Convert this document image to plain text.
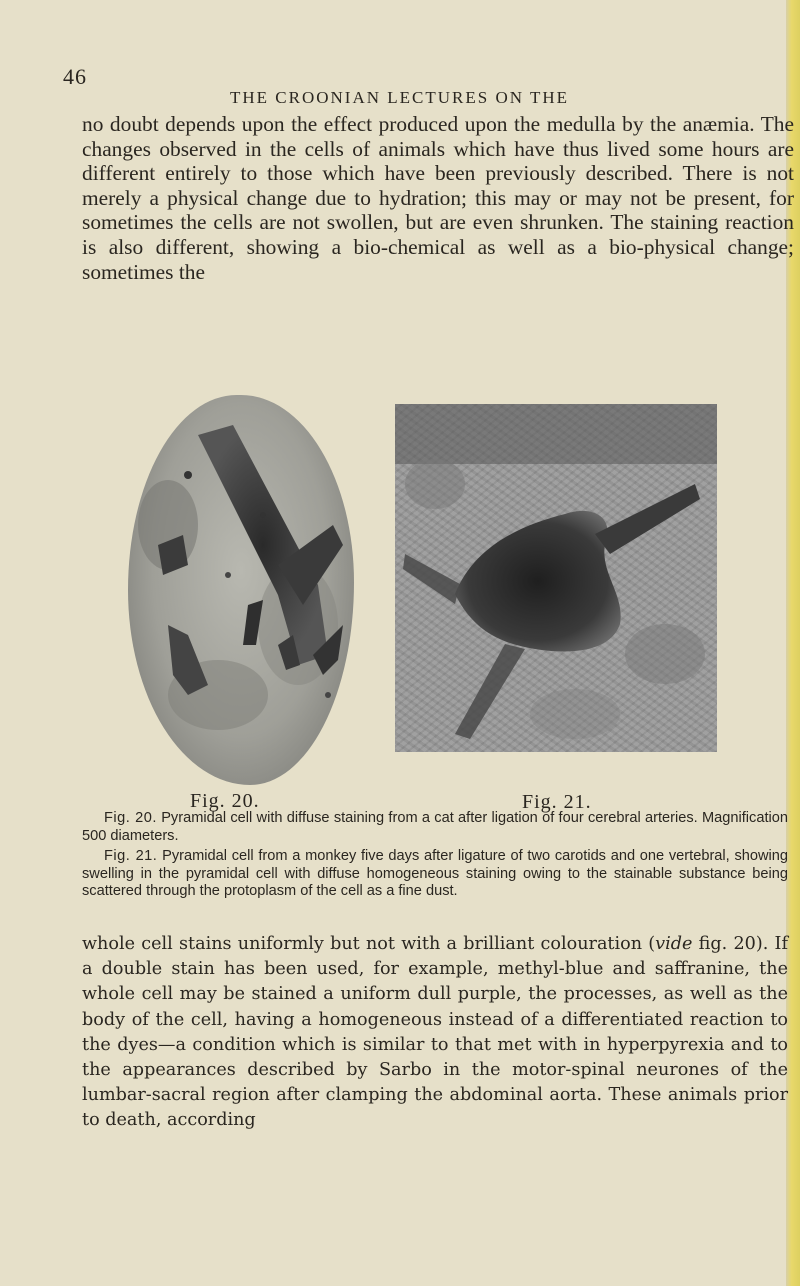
46
THE CROONIAN LECTURES ON THE

no doubt depends upon the effect produced upon the medulla by the anæmia. The changes observed in the cells of animals which have thus lived some hours are different entirely to those which have been previously described. There is not merely a physical change due to hydration; this may or may not be present, for sometimes the cells are not swollen, but are even shrunken. The staining reaction is also different, showing a bio-chemical as well as a bio-physical change; sometimes the

Fig. 20.	Fig. 21.

Fig. 20. Pyramidal cell with diffuse staining from a cat after ligation of four cerebral arteries. Magnification 500 diameters.

Fig. 21. Pyramidal cell from a monkey five days after ligature of two carotids and one vertebral, showing swelling in the pyramidal cell with diffuse homogeneous staining owing to the stainable substance being scattered through the protoplasm of the cell as a fine dust.

whole cell stains uniformly but not with a brilliant colouration (vide fig. 20). If a double stain has been used, for example, methyl-blue and saffranine, the whole cell may be stained a uniform dull purple, the processes, as well as the body of the cell, having a homogeneous instead of a differentiated reaction to the dyes—a condition which is similar to that met with in hyperpyrexia and to the appearances described by Sarbo in the motor-spinal neurones of the lumbar-sacral region after clamping the abdominal aorta. These animals prior to death, according
